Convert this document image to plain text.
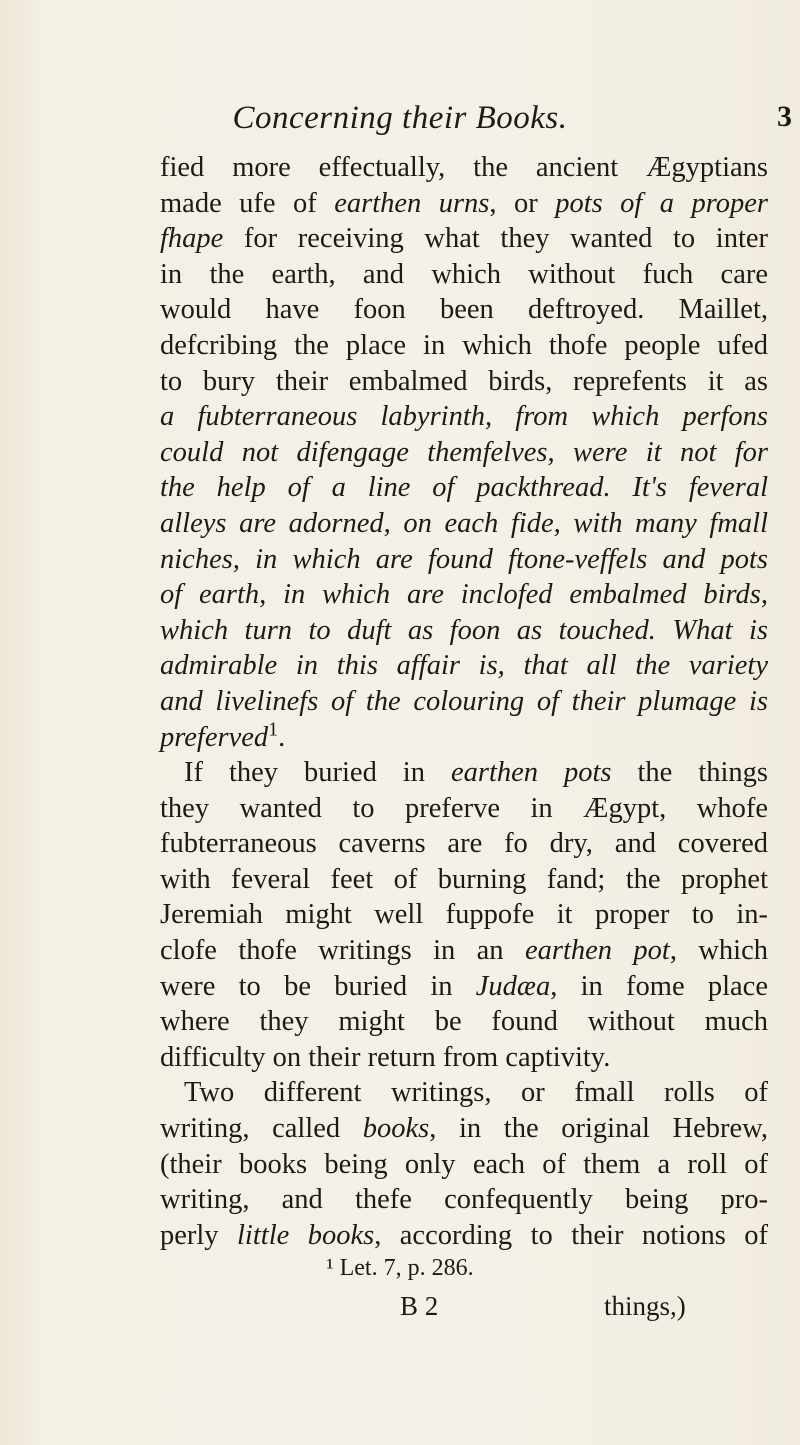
Concerning their Books.	3
fied more effectually, the ancient Ægyptians
made ufe of earthen urns, or pots of a proper
fhape for receiving what they wanted to inter
in the earth, and which without fuch care
would have foon been deftroyed. Maillet,
defcribing the place in which thofe people ufed
to bury their embalmed birds, reprefents it as
a fubterraneous labyrinth, from which perfons
could not difengage themfelves, were it not for
the help of a line of packthread. It's feveral
alleys are adorned, on each fide, with many fmall
niches, in which are found ftone-veffels and pots
of earth, in which are inclofed embalmed birds,
which turn to duft as foon as touched. What is
admirable in this affair is, that all the variety
and livelinefs of the colouring of their plumage is
preferved$^1$.
If they buried in earthen pots the things
they wanted to preferve in Ægypt, whofe
fubterraneous caverns are fo dry, and covered
with feveral feet of burning fand; the prophet
Jeremiah might well fuppofe it proper to in-
clofe thofe writings in an earthen pot, which
were to be buried in Judæa, in fome place
where they might be found without much
difficulty on their return from captivity.
Two different writings, or fmall rolls of
writing, called books, in the original Hebrew,
(their books being only each of them a roll of
writing, and thefe confequently being pro-
perly little books, according to their notions of
¹ Let. 7, p. 286.
B 2	things,)
